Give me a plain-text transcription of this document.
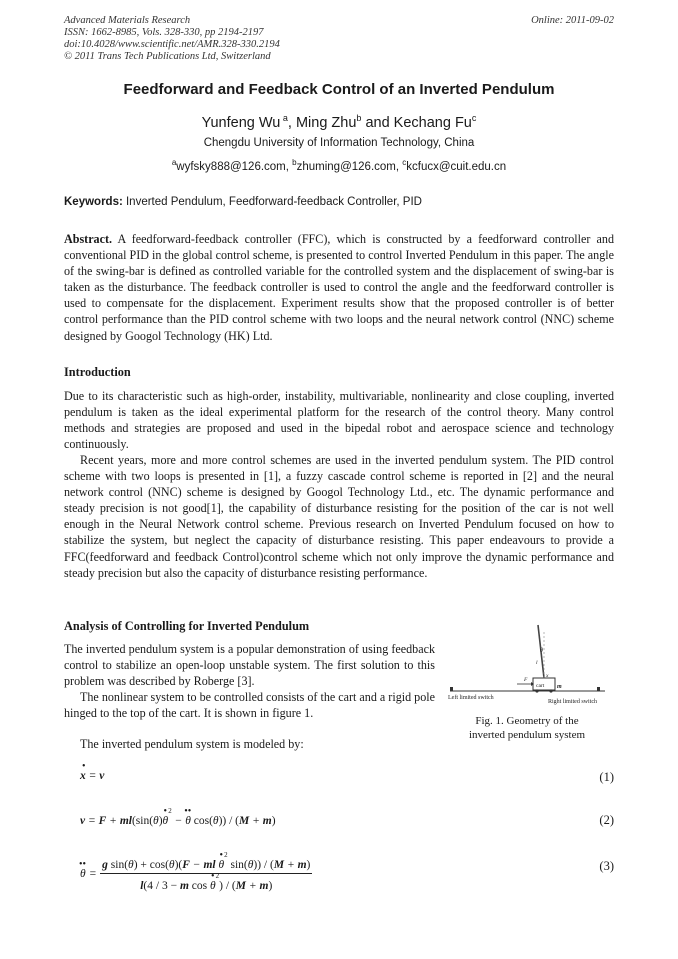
Advanced Materials Research
ISSN: 1662-8985, Vols. 328-330, pp 2194-2197
doi:10.4028/www.scientific.net/AMR.328-330.2194
© 2011 Trans Tech Publications Ltd, Switzerland
Online: 2011-09-02
Feedforward and Feedback Control of an Inverted Pendulum
Yunfeng Wu $^a$, Ming Zhu$^b$ and Kechang Fu$^c$
Chengdu University of Information Technology, China
$^a$wyfsky888@126.com, $^b$zhuming@126.com, $^c$kcfucx@cuit.edu.cn
Keywords: Inverted Pendulum, Feedforward-feedback Controller, PID
Abstract. A feedforward-feedback controller (FFC), which is constructed by a feedforward controller and conventional PID in the global control scheme, is presented to control Inverted Pendulum in this paper. The angle of the swing-bar is defined as controlled variable for the controlled system and the displacement of swing-bar is taken as the disturbance. The feedback controller is used to control the angle and the feedforward controller is used to compensate for the displacement. Experiment results show that the proposed controller is of better control performance than the PID control scheme with two loops and the neural network control (NNC) scheme designed by Googol Technology (HK) Ltd.
Introduction
Due to its characteristic such as high-order, instability, multivariable, nonlinearity and close coupling, inverted pendulum is taken as the ideal experimental platform for the research of the control theory. Many control methods and strategies are proposed and used in the bipedal robot and aerospace science and technology continuously.
Recent years, more and more control schemes are used in the inverted pendulum system. The PID control scheme with two loops is presented in [1], a fuzzy cascade control scheme is reported in [2] and the neural network control (NNC) scheme is designed by Googol Technology Ltd., etc. The dynamic performance and steady precision is not good[1], the capability of disturbance resisting for the position of the car is not well enough in the Neural Network control scheme. Previous research on Inverted Pendulum focused on how to stabilize the system, but neglect the capacity of disturbance resisting. This paper endeavours to provide a FFC(feedforward and feedback Control)control scheme which not only improve the dynamic performance and steady precision but also the capacity of disturbance resisting performance.
Analysis of Controlling for Inverted Pendulum
The inverted pendulum system is a popular demonstration of using feedback control to stabilize an open-loop unstable system. The first solution to this problem was described by Roberge [3].
The nonlinear system to be controlled consists of the cart and a rigid pole hinged to the top of the cart. It is shown in figure 1.
The inverted pendulum system is modeled by:
F
cart m
x
θ
l
Left limited switch
Right limited switch
Fig. 1. Geometry of the
inverted pendulum system
x
•
= v	(1)
v = F + ml(sin(θ)θ
• $^2$ − θ
••
cos(θ)) / (M + m)	(2)
θ
••
= g sin(θ) + cos(θ)(F − ml θ
• $^2$ sin(θ)) / (M + m)
l(4 / 3 − m cos θ
• $^2$) / (M + m)	(3)
